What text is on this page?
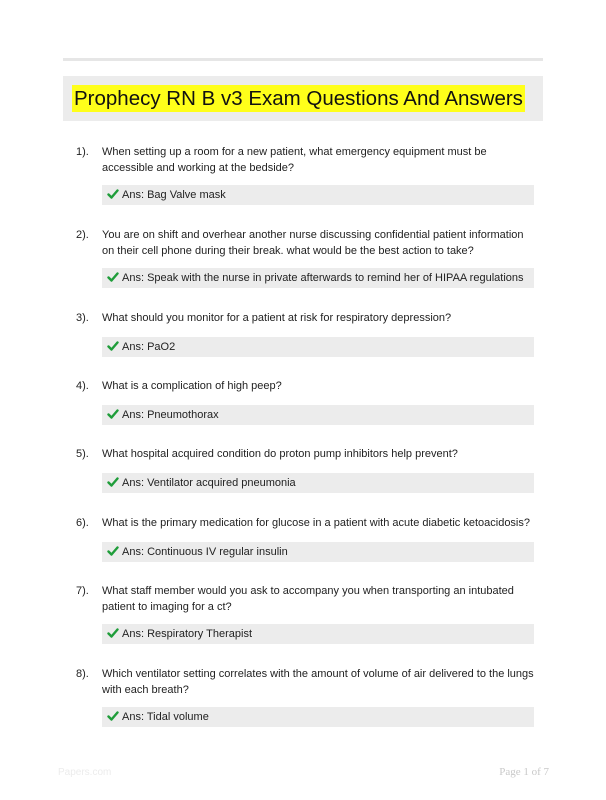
Prophecy RN B v3 Exam Questions And Answers
1). When setting up a room for a new patient, what emergency equipment must be accessible and working at the bedside?
Ans: Bag Valve mask
2). You are on shift and overhear another nurse discussing confidential patient information on their cell phone during their break. what would be the best action to take?
Ans: Speak with the nurse in private afterwards to remind her of HIPAA regulations
3). What should you monitor for a patient at risk for respiratory depression?
Ans: PaO2
4). What is a complication of high peep?
Ans: Pneumothorax
5). What hospital acquired condition do proton pump inhibitors help prevent?
Ans: Ventilator acquired pneumonia
6). What is the primary medication for glucose in a patient with acute diabetic ketoacidosis?
Ans: Continuous IV regular insulin
7). What staff member would you ask to accompany you when transporting an intubated patient to imaging for a ct?
Ans: Respiratory Therapist
8). Which ventilator setting correlates with the amount of volume of air delivered to the lungs with each breath?
Ans: Tidal volume
Papers.com	Page 1 of 7
